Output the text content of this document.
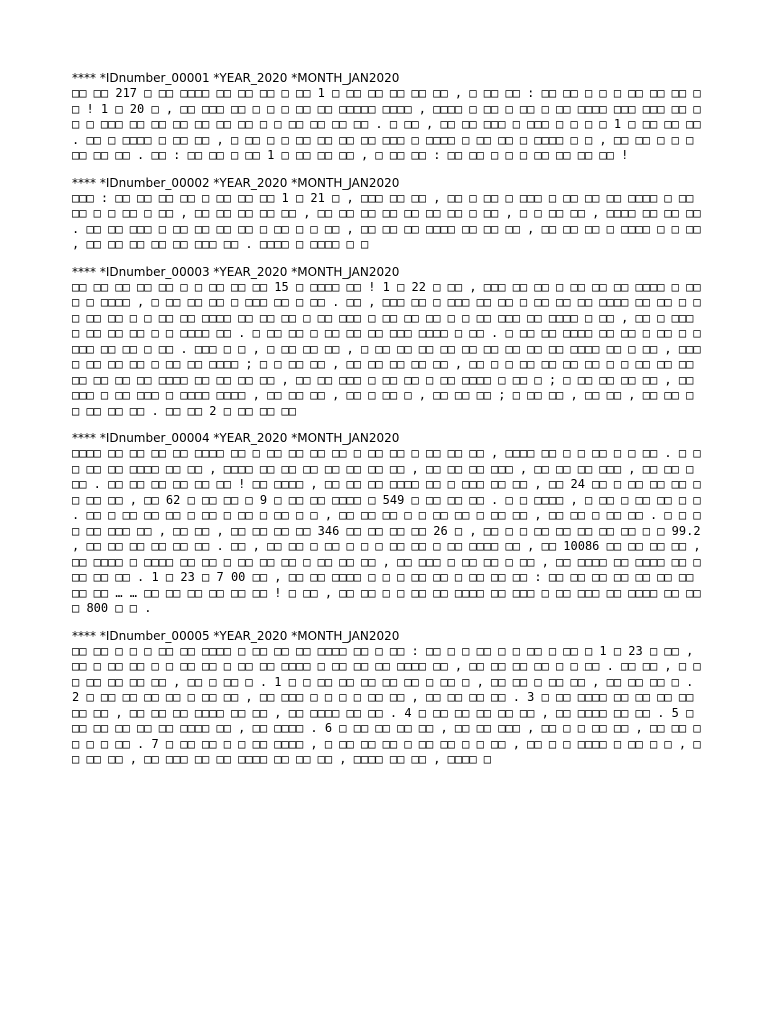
**** *IDnumber_00001 *YEAR_2020 *MONTH_JAN2020
□□ □□ 217 □ □□ □□□□ □□ □□ □□ □ □□ 1 □ □□ □□ □□ □□ □□ , □ □□ □□ : □□ □□ □ □ □ □□ □□ □□ □□ ! 1 □ 20 □ , □□ □□□ □□ □ □ □ □□ □□ □□□□□ □□□□ , □□□□ □ □□ □ □□ □ □□ □□□□ □□□ □□□ □□ □□ □ □□□ □□ □□ □□ □□ □□ □□ □ □ □□ □□ □□ □□ . □ □□ , □□ □□ □□□ □ □□□ □ □ □ □ 1 □ □□ □□ □□ . □□ □ □□□□ □ □□ □□ , □ □□ □ □ □□ □□ □□ □□ □□□ □ □□□□ □ □□ □□ □ □□□□ □ □ , □□ □□ □ □ □ □□ □□ □□ . □□ : □□ □□ □ □□ 1 □ □□ □□ □□ , □ □□ □□ : □□ □□ □ □ □ □□ □□ □□ □□ !
**** *IDnumber_00002 *YEAR_2020 *MONTH_JAN2020
□□□ : □□ □□ □□ □□ □ □□ □□ □□ 1 □ 21 □ , □□□ □□ □□ , □□ □ □□ □ □□□ □ □□ □□ □□ □□□□ □ □□ □□ □ □ □□ □ □□ , □□ □□ □□ □□ □□ , □□ □□ □□ □□ □□ □□ □□ □ □□ , □ □ □□ □□ , □□□□ □□ □□ □□ . □□ □□ □□□ □ □□ □□ □□ □□ □ □□ □ □ □□ , □□ □□ □□ □□□□ □□ □□ □□ , □□ □□ □□ □ □□□□ □ □ □□ , □□ □□ □□ □□ □□ □□□ □□ . □□□□ □ □□□□ □ □
**** *IDnumber_00003 *YEAR_2020 *MONTH_JAN2020
□□ □□ □□ □□ □□ □ □ □□ □□ □□ 15 □ □□□□ □□ ! 1 □ 22 □ □□ , □□□ □□ □□ □ □□ □□ □□ □□□□ □ □□ □ □ □□□□ , □ □□ □□ □□ □ □□□ □□ □ □□ . □□ , □□□ □□ □ □□□ □□ □□ □ □□ □□ □□ □□□□ □□ □□ □ □□ □□ □□ □ □ □□ □□ □□□□ □□ □□ □□ □ □□ □□□ □ □□ □□ □□ □ □ □□ □□□ □□ □□□□ □ □□ , □□ □ □□□ □ □□ □□ □□ □ □ □□□□ □□ . □ □□ □□ □ □□ □□ □□ □□□ □□□□ □ □□ . □ □□ □□ □□□□ □□ □□ □ □□ □ □ □□□ □□ □□ □ □□ . □□□ □ □ , □ □□ □□ □□ , □ □□ □□ □□ □□ □□ □□ □□ □□ □□ □□□□ □□ □ □□ , □□□□ □□ □□ □□ □ □□ □□ □□□□ ; □ □ □□ □□ , □□ □□ □□ □□ □□ , □□ □ □ □□ □□ □□ □□ □ □ □□ □□ □□ □□ □□ □□ □□ □□□□ □□ □□ □□ □□ , □□ □□ □□□ □ □□ □□ □ □□ □□□□ □ □□ □ ; □ □□ □□ □□ □□ , □□ □□□ □ □□ □□□ □ □□□□ □□□□ , □□ □□ □□ , □□ □ □□ □ , □□ □□ □□ ; □ □□ □□ , □□ □□ , □□ □□ □ □ □□ □□ □□ . □□ □□ 2 □ □□ □□ □□
**** *IDnumber_00004 *YEAR_2020 *MONTH_JAN2020
□□□□ □□ □□ □□ □□ □□□□ □□ □ □□ □□ □□ □□ □ □□ □□ □ □□ □□ □□ , □□□□ □□ □ □ □□ □ □ □□ . □ □□ □□ □□ □□□□ □□ □□ , □□□□ □□ □□ □□ □□ □□ □□ □□ , □□ □□ □□ □□□ , □□ □□ □□ □□□ , □□ □□ □ □□ . □□ □□ □□ □□ □□ □□ ! □□ □□□□ , □□ □□ □□ □□□□ □□ □ □□□ □□ □□ , □□ 24 □□ □ □□ □□ □□ □□ □□ □□ , □□ 62 □ □□ □□ □ 9 □ □□ □□ □□□□ □ 549 □ □□ □□ □□ . □ □ □□□□ , □ □□ □ □□ □□ □ □ . □□ □ □□ □□ □□ □ □□ □ □□ □ □□ □ □ , □□ □□ □□ □ □ □□ □□ □ □□ □□ , □□ □□ □ □□ □□ . □ □ □□ □□ □□□ □□ , □□ □□ , □□ □□ □□ □□ 346 □□ □□ □□ □□ 26 □ , □□ □ □ □□ □□ □□ □□ □□ □ □ 99.2 , □□ □□ □□ □□ □□ □□ . □□ , □□ □□ □ □□ □ □ □ □□ □□ □ □□ □□□□ □□ , □□ 10086 □□ □□ □□ □□ , □□ □□□□ □ □□□□ □□ □□ □ □□ □□ □□ □ □□ □□ □□ , □□ □□□ □ □□ □□ □ □□ , □□ □□□□ □□ □□□□ □□ □ □□ □□ □□ . 1 □ 23 □ 7 00 □□ , □□ □□ □□□□ □ □ □ □□ □□ □ □□ □□ □□ : □□ □□ □□ □□ □□ □□ □□ □□ □□ … … □□ □□ □□ □□ □□ □□ ! □ □□ , □□ □□ □ □ □□ □□ □□□□ □□ □□□ □ □□ □□□ □□ □□□□ □□ □□ □ 800 □ □ .
**** *IDnumber_00005 *YEAR_2020 *MONTH_JAN2020
□□ □□ □ □ □ □□ □□ □□□□ □ □□ □□ □□ □□□□ □□ □ □□ : □□ □ □ □□ □ □ □□ □ □□ □ 1 □ 23 □ □□ , □□ □ □□ □□ □ □ □□ □□ □ □□ □□ □□□□ □ □□ □□ □□ □□□□ □□ , □□ □□ □□ □□ □ □ □□ . □□ □□ , □ □□ □□ □□ □□ □□ , □□ □ □□ □ . 1 □ □ □□ □□ □□ □□ □□ □ □□ □ , □□ □□ □ □□ □□ , □□ □□ □□ □ . 2 □ □□ □□ □□ □□ □ □□ □□ , □□ □□□ □ □ □ □ □□ □□ , □□ □□ □□ □□ . 3 □ □□ □□□□ □□ □□ □□ □□ □□ □□ , □□ □□ □□ □□□□ □□ □□ , □□ □□□□ □□ □□ . 4 □ □□ □□ □□ □□ □□ , □□ □□□□ □□ □□ . 5 □ □□ □□ □□ □□ □□ □□□□ □□ , □□ □□□□ . 6 □ □□ □□ □□ □□ , □□ □□ □□□ , □□ □ □ □□ □□ , □□ □□ □□ □ □ □□ . 7 □ □□ □□ □ □ □□ □□□□ , □ □□ □□ □□ □ □□ □□ □ □ □□ , □□ □ □ □□□□ □ □□ □ □ , □□ □□ □□ , □□ □□□ □□ □□ □□□□ □□ □□ □□ , □□□□ □□ □□ , □□□□ □
